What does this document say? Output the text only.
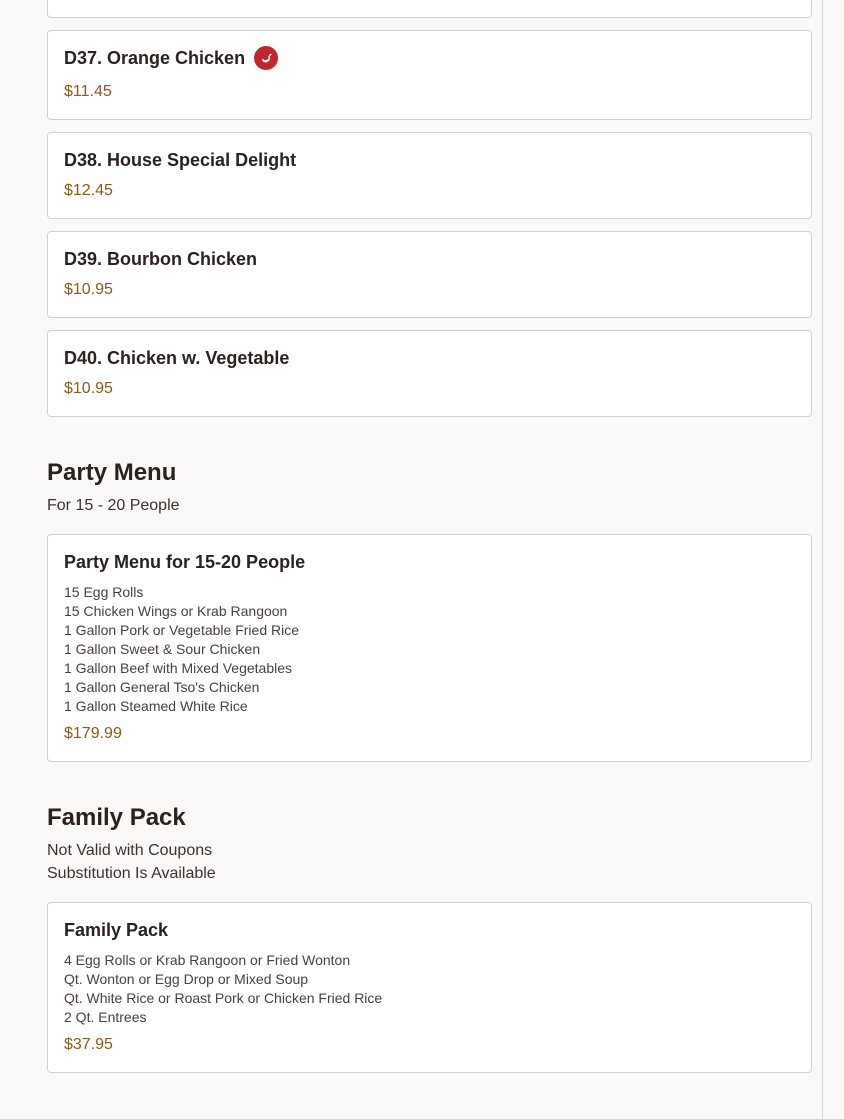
D37. Orange Chicken
$11.45
D38. House Special Delight
$12.45
D39. Bourbon Chicken
$10.95
D40. Chicken w. Vegetable
$10.95
Party Menu
For 15 - 20 People
Party Menu for 15-20 People
15 Egg Rolls
15 Chicken Wings or Krab Rangoon
1 Gallon Pork or Vegetable Fried Rice
1 Gallon Sweet & Sour Chicken
1 Gallon Beef with Mixed Vegetables
1 Gallon General Tso's Chicken
1 Gallon Steamed White Rice
$179.99
Family Pack
Not Valid with Coupons
Substitution Is Available
Family Pack
4 Egg Rolls or Krab Rangoon or Fried Wonton
Qt. Wonton or Egg Drop or Mixed Soup
Qt. White Rice or Roast Pork or Chicken Fried Rice
2 Qt. Entrees
$37.95
